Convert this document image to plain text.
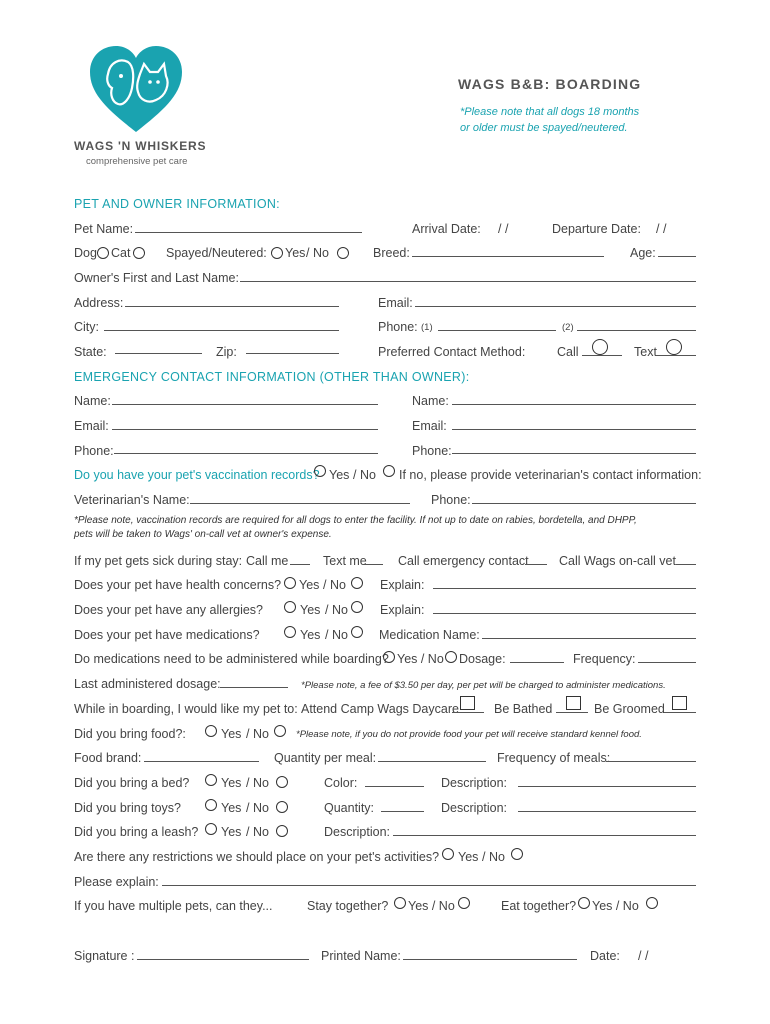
WAGS 'N WHISKERS
comprehensive pet care
WAGS B&B: BOARDING
*Please note that all dogs 18 months
or older must be spayed/neutered.
PET AND OWNER INFORMATION:
Pet Name:	Arrival Date: / /	Departure Date: / /
Dog Cat	Spayed/Neutered: Yes / No	Breed:	Age:
Owner's First and Last Name:
Address:	Email:
City:	Phone: (1)	(2)
State:	Zip:	Preferred Contact Method:	Call	Text
EMERGENCY CONTACT INFORMATION (OTHER THAN OWNER):
Name:	Name:
Email:	Email:
Phone:	Phone:
Do you have your pet's vaccination records? Yes / No If no, please provide veterinarian's contact information:
Veterinarian's Name:	Phone:
*Please note, vaccination records are required for all dogs to enter the facility. If not up to date on rabies, bordetella, and DHPP,
pets will be taken to Wags' on-call vet at owner's expense.
If my pet gets sick during stay: Call me	Text me Call emergency contact Call Wags on-call vet
Does your pet have health concerns? Yes / No	Explain:
Does your pet have any allergies?	Yes / No	Explain:
Does your pet have medications?	Yes / No Medication Name:
Do medications need to be administered while boarding? Yes / No Dosage:	Frequency:
Last administered dosage:	*Please note, a fee of $3.50 per day, per pet will be charged to administer medications.
While in boarding, I would like my pet to: Attend Camp Wags Daycare	Be Bathed	Be Groomed
Did you bring food?:	Yes / No	*Please note, if you do not provide food your pet will receive standard kennel food.
Food brand:	Quantity per meal:	Frequency of meals:
Did you bring a bed?	Yes / No	Color:	Description:
Did you bring toys?	Yes / No	Quantity:	Description:
Did you bring a leash? Yes / No	Description:
Are there any restrictions we should place on your pet's activities? Yes / No
Please explain:
If you have multiple pets, can they...	Stay together? Yes / No	Eat together? Yes / No
Signature :	Printed Name:	Date: / /
